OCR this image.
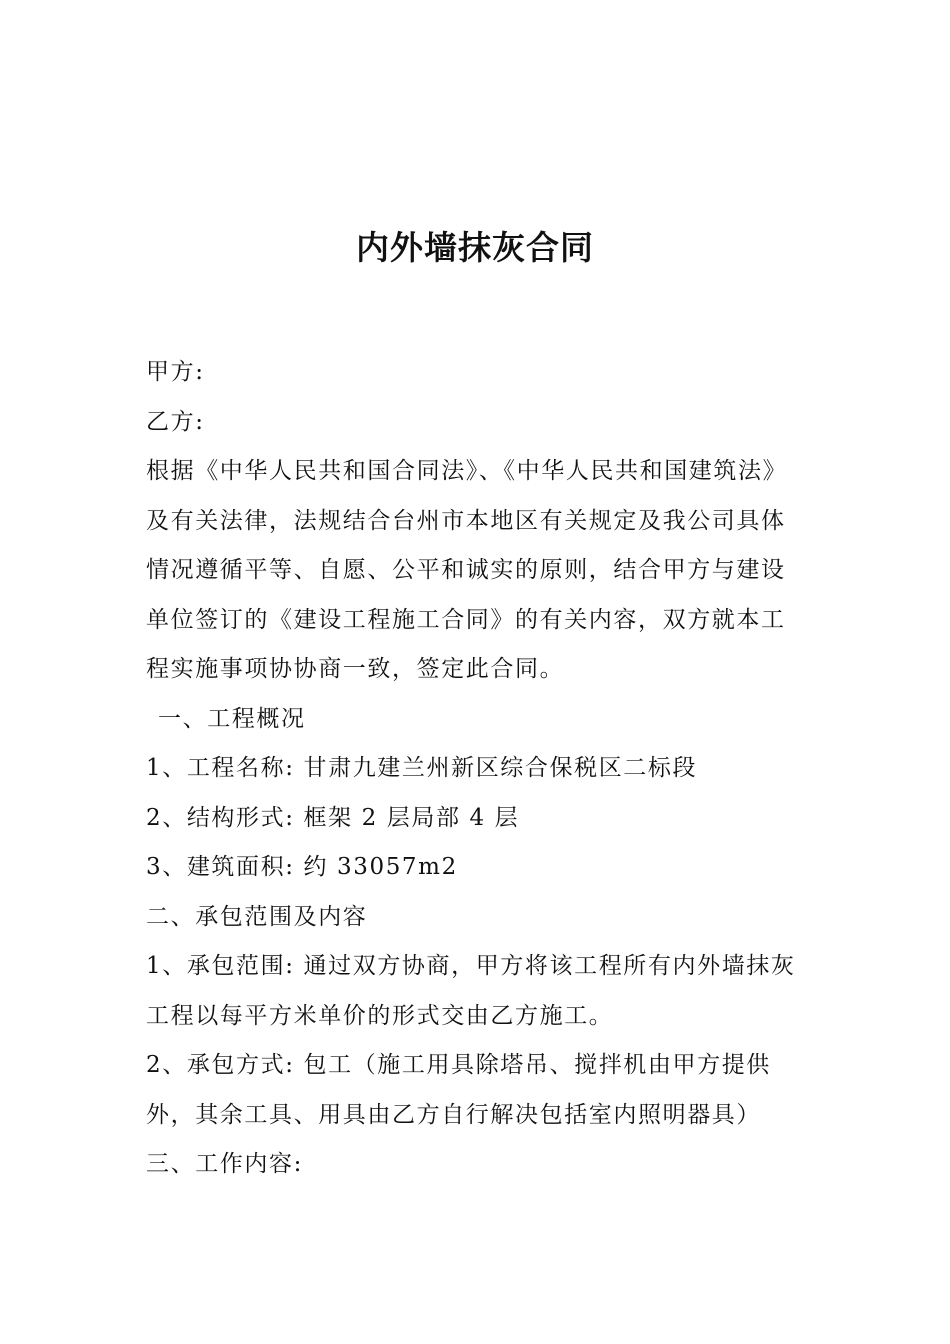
内外墙抹灰合同

甲方:

乙方:

根据《中华人民共和国合同法》、《中华人民共和国建筑法》及有关法律，法规结合台州市本地区有关规定及我公司具体情况遵循平等、自愿、公平和诚实的原则，结合甲方与建设单位签订的《建设工程施工合同》的有关内容，双方就本工程实施事项协协商一致，签定此合同。

一、工程概况

1、工程名称: 甘肃九建兰州新区综合保税区二标段

2、结构形式: 框架 2 层局部 4 层

3、建筑面积: 约 33057m2

二、承包范围及内容

1、承包范围: 通过双方协商，甲方将该工程所有内外墙抹灰工程以每平方米单价的形式交由乙方施工。

2、承包方式: 包工（施工用具除塔吊、搅拌机由甲方提供外，其余工具、用具由乙方自行解决包括室内照明器具）

三、工作内容:
